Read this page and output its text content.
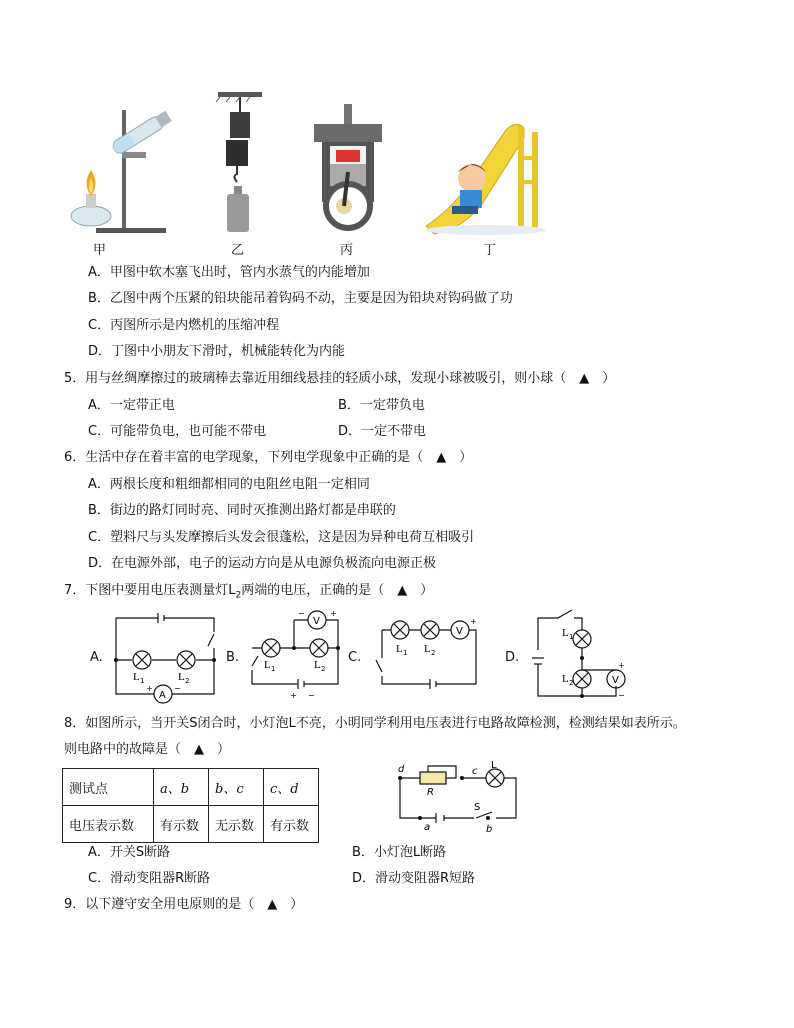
甲	乙	丙	丁
A．甲图中软木塞飞出时，管内水蒸气的内能增加
B．乙图中两个压紧的铅块能吊着钩码不动，主要是因为铅块对钩码做了功
C．丙图所示是内燃机的压缩冲程
D．丁图中小朋友下滑时，机械能转化为内能
5．用与丝绸摩擦过的玻璃棒去靠近用细线悬挂的轻质小球，发现小球被吸引，则小球（　▲　）
A．一定带正电	B．一定带负电
C．可能带负电，也可能不带电	D．一定不带电
6．生活中存在着丰富的电学现象，下列电学现象中正确的是（　▲　）
A．两根长度和粗细都相同的电阻丝电阻一定相同
B．街边的路灯同时亮、同时灭推测出路灯都是串联的
C．塑料尺与头发摩擦后头发会很蓬松，这是因为异种电荷互相吸引
D．在电源外部，电子的运动方向是从电源负极流向电源正极
7．下图中要用电压表测量灯$L_2$两端的电压，正确的是（　▲　）
A.
A
L 1	L 2
+	−
B.
V
−	+
L 1	L 2
+ −
C.
V
+
L 1 L 2	D.
V
+
−
L 1
L 2
8．如图所示，当开关S闭合时，小灯泡L不亮，小明同学利用电压表进行电路故障检测，检测结果如表所示。
则电路中的故障是（　▲　）
测试点	a、b	b、c	c、d
电压表示数	有示数	无示数	有示数
d	c
R
L
S
a	b
A．开关S断路	B．小灯泡L断路
C．滑动变阻器R断路	D．滑动变阻器R短路
9．以下遵守安全用电原则的是（　▲　）
